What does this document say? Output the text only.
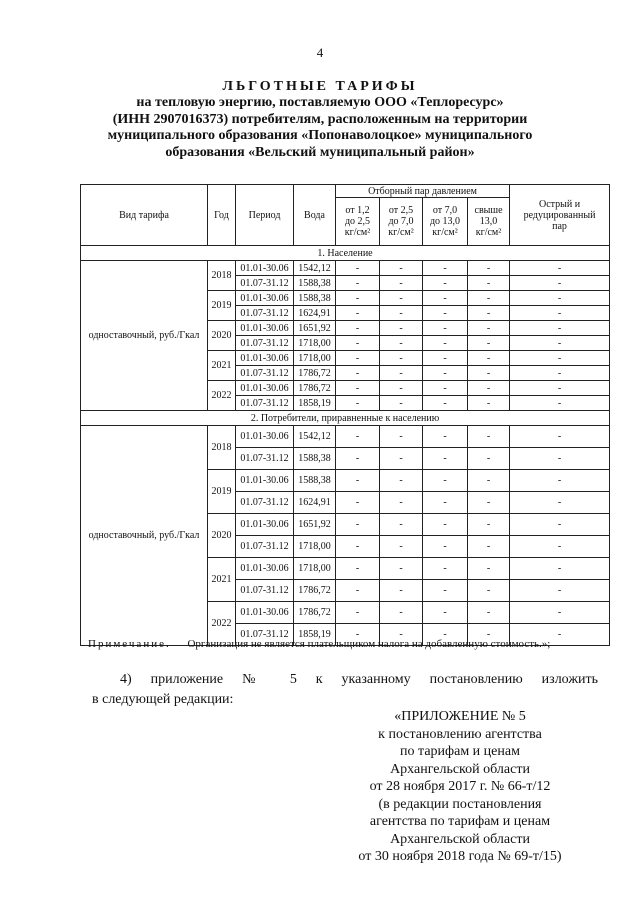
4
ЛЬГОТНЫЕ ТАРИФЫ
на тепловую энергию, поставляемую ООО «Теплоресурс»
(ИНН 2907016373) потребителям, расположенным на территории
муниципального образования «Попонаволоцкое» муниципального
образования «Вельский муниципальный район»
Вид тарифа	Год	Период	Вода	Отборный пар давлением				Острый и
редуцированный
пар
				от 1,2
до 2,5
кг/см²	от 2,5
до 7,0
кг/см²	от 7,0
до 13,0
кг/см²	свыше
13,0
кг/см²	
1. Население								
одноставочный, руб./Гкал	2018	01.01-30.06	1542,12	-	-	-	-	-
		01.07-31.12	1588,38	-	-	-	-	-
	2019	01.01-30.06	1588,38	-	-	-	-	-
		01.07-31.12	1624,91	-	-	-	-	-
	2020	01.01-30.06	1651,92	-	-	-	-	-
		01.07-31.12	1718,00	-	-	-	-	-
	2021	01.01-30.06	1718,00	-	-	-	-	-
		01.07-31.12	1786,72	-	-	-	-	-
	2022	01.01-30.06	1786,72	-	-	-	-	-
		01.07-31.12	1858,19	-	-	-	-	-
2. Потребители, приравненные к населению								
одноставочный, руб./Гкал	2018	01.01-30.06	1542,12	-	-	-	-	-
		01.07-31.12	1588,38	-	-	-	-	-
	2019	01.01-30.06	1588,38	-	-	-	-	-
		01.07-31.12	1624,91	-	-	-	-	-
	2020	01.01-30.06	1651,92	-	-	-	-	-
		01.07-31.12	1718,00	-	-	-	-	-
	2021	01.01-30.06	1718,00	-	-	-	-	-
		01.07-31.12	1786,72	-	-	-	-	-
	2022	01.01-30.06	1786,72	-	-	-	-	-
		01.07-31.12	1858,19	-	-	-	-	-
Примечание. Организация не является плательщиком налога на добавленную стоимость.»;
4) приложение № 5 к указанному постановлению изложить
в следующей редакции:
«ПРИЛОЖЕНИЕ № 5
к постановлению агентства
по тарифам и ценам
Архангельской области
от 28 ноября 2017 г. № 66-т/12
(в редакции постановления
агентства по тарифам и ценам
Архангельской области
от 30 ноября 2018 года № 69-т/15)
